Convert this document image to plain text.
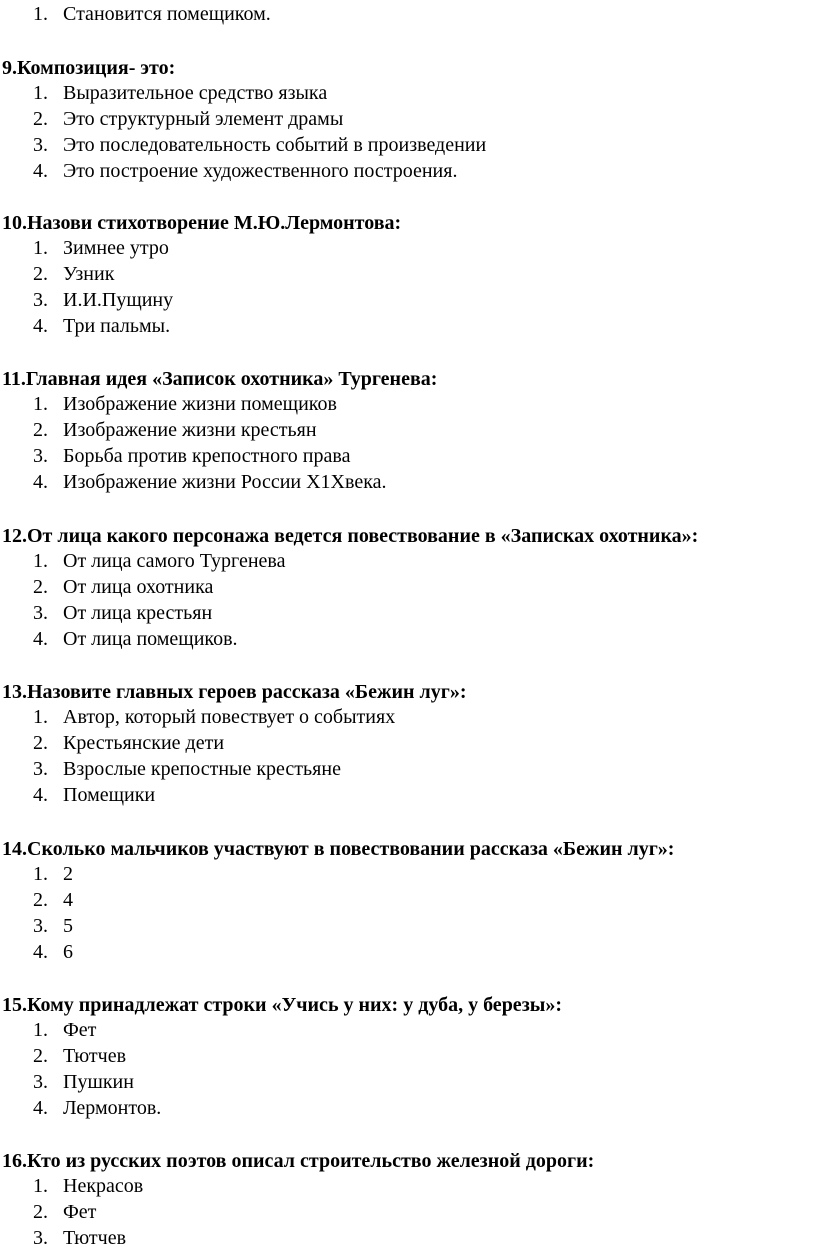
1. Становится помещиком.
9.Композиция- это:
1. Выразительное средство языка
2. Это структурный элемент драмы
3. Это последовательность событий в произведении
4. Это построение художественного построения.
10.Назови стихотворение М.Ю.Лермонтова:
1. Зимнее утро
2. Узник
3. И.И.Пущину
4. Три пальмы.
11.Главная идея «Записок охотника» Тургенева:
1. Изображение жизни помещиков
2. Изображение жизни крестьян
3. Борьба против крепостного права
4. Изображение жизни России Х1Хвека.
12.От лица какого персонажа ведется повествование в «Записках охотника»:
1. От лица самого Тургенева
2. От лица охотника
3. От лица крестьян
4. От лица помещиков.
13.Назовите главных героев рассказа «Бежин луг»:
1. Автор, который повествует о событиях
2. Крестьянские дети
3. Взрослые крепостные крестьяне
4. Помещики
14.Сколько мальчиков участвуют в повествовании рассказа «Бежин луг»:
1. 2
2. 4
3. 5
4. 6
15.Кому принадлежат строки «Учись у них: у дуба, у березы»:
1. Фет
2. Тютчев
3. Пушкин
4. Лермонтов.
16.Кто из русских поэтов описал строительство железной дороги:
1. Некрасов
2. Фет
3. Тютчев
